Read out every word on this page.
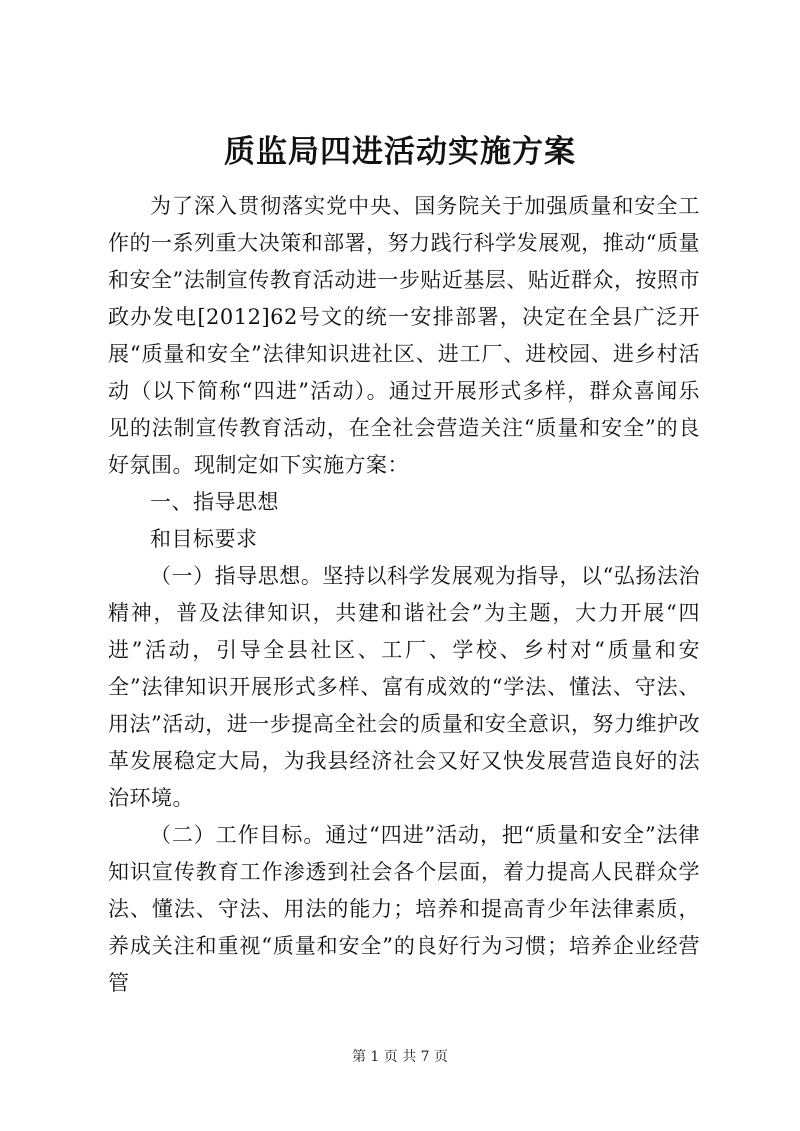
质监局四进活动实施方案

为了深入贯彻落实党中央、国务院关于加强质量和安全工作的一系列重大决策和部署，努力践行科学发展观，推动“质量和安全”法制宣传教育活动进一步贴近基层、贴近群众，按照市政办发电[2012]62号文的统一安排部署，决定在全县广泛开展“质量和安全”法律知识进社区、进工厂、进校园、进乡村活动（以下简称“四进”活动）。通过开展形式多样，群众喜闻乐见的法制宣传教育活动，在全社会营造关注“质量和安全”的良好氛围。现制定如下实施方案：

一、指导思想

和目标要求

（一）指导思想。坚持以科学发展观为指导，以“弘扬法治精神，普及法律知识，共建和谐社会”为主题，大力开展“四进”活动，引导全县社区、工厂、学校、乡村对“质量和安全”法律知识开展形式多样、富有成效的“学法、懂法、守法、用法”活动，进一步提高全社会的质量和安全意识，努力维护改革发展稳定大局，为我县经济社会又好又快发展营造良好的法治环境。

（二）工作目标。通过“四进”活动，把“质量和安全”法律知识宣传教育工作渗透到社会各个层面，着力提高人民群众学法、懂法、守法、用法的能力；培养和提高青少年法律素质，养成关注和重视“质量和安全”的良好行为习惯；培养企业经营管

第 1 页 共 7 页
